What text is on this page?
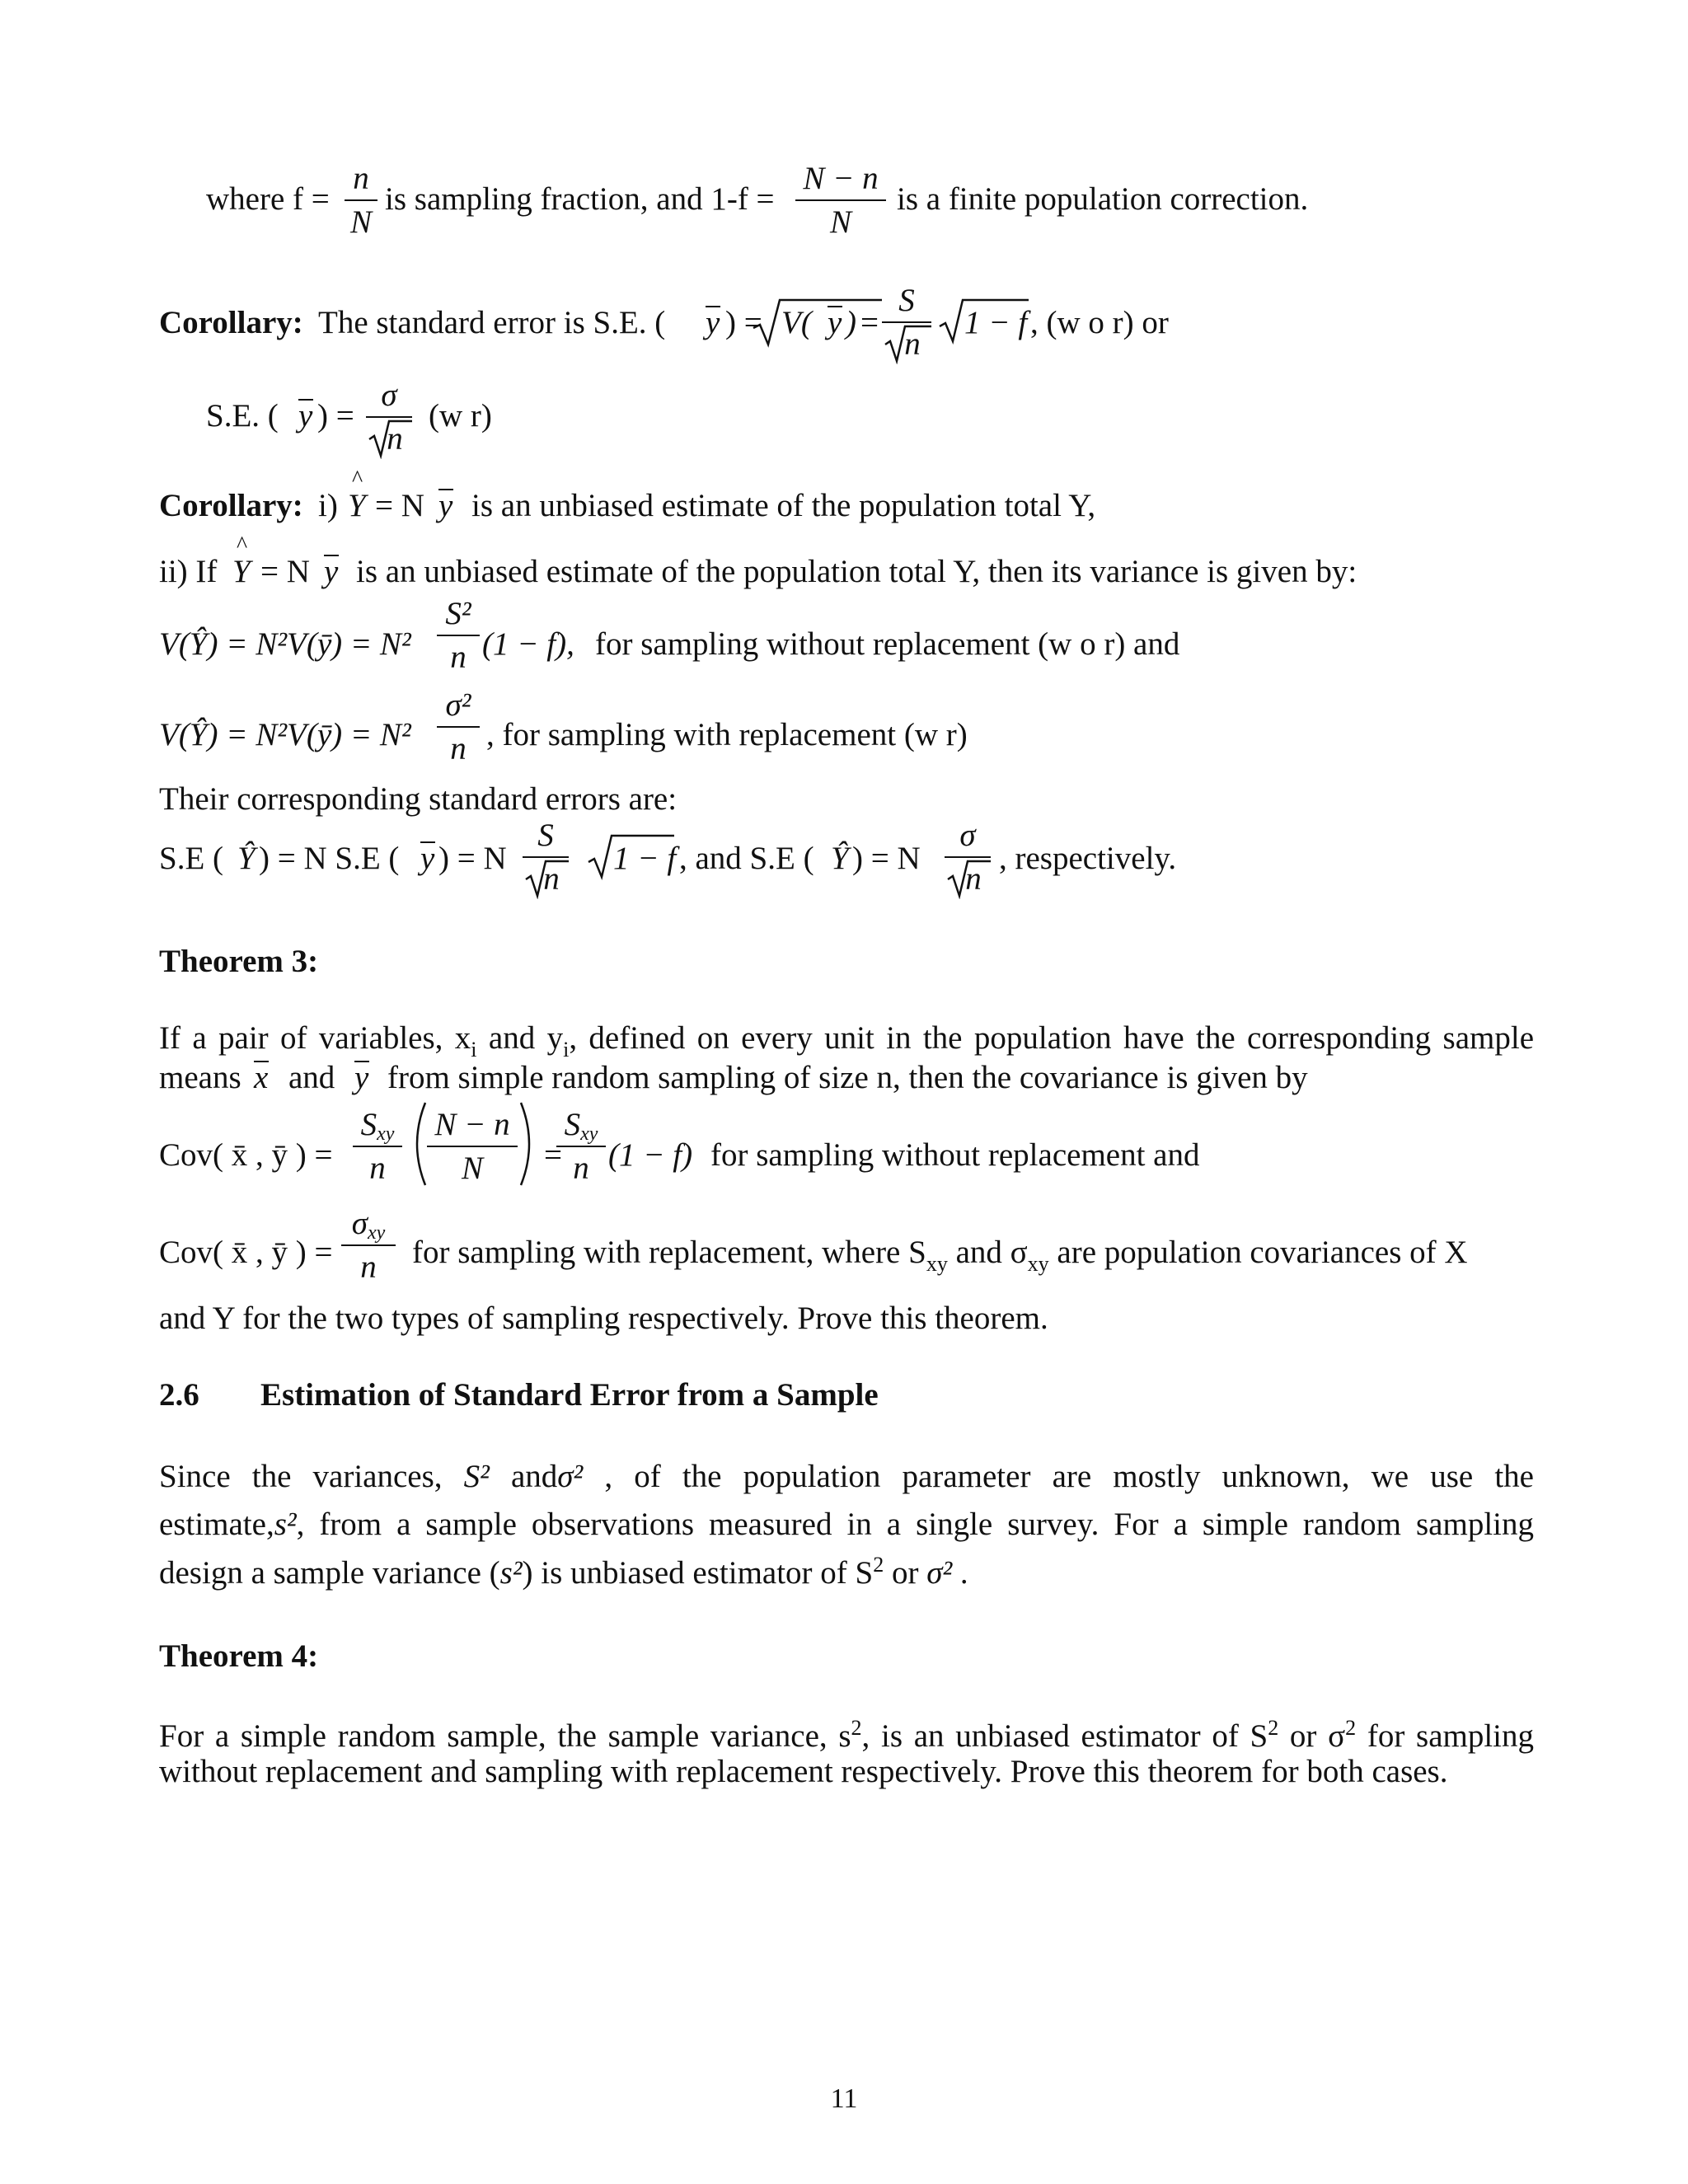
where f =
n
N
is sampling fraction, and 1-f =
N − n
N
is a finite population correction.
Corollary: The standard error is S.E. ( y ) = V( y ) =
S
n
1 − f , (w o r) or
S.E. ( y ) =
σ
n
(w r)
Corollary: i) Y
^
= N y is an unbiased estimate of the population total Y,
ii) If Y
^
= N y is an unbiased estimate of the population total Y, then its variance is given by:
V(Ŷ) = N²V(ȳ) = N²
S²
n (1 − f), for sampling without replacement (w o r) and
V(Ŷ) = N²V(ȳ) = N²
σ²
n , for sampling with replacement (w r)
Their corresponding standard errors are:
S.E ( Ŷ ) = N S.E ( y ) = N
S
n
1 − f , and S.E ( Ŷ ) = N
σ
n
, respectively.
Theorem 3:
If a pair of variables, $x_i$ and $y_i$, defined on every unit in the population have the corresponding sample
means x and y from simple random sampling of size n, then the covariance is given by
Cov( x̄ , ȳ ) =
Sxy
n
N − n
N	=
Sxy
n (1 − f) for sampling without replacement and
Cov( x̄ , ȳ ) =
σxy
n	for sampling with replacement, where $S_{xy}$ and $\sigma_{xy}$ are population covariances of X
and Y for the two types of sampling respectively. Prove this theorem.
2.6 Estimation of Standard Error from a Sample
Since the variances, S² andσ² , of the population parameter are mostly unknown, we use the
estimate,s², from a sample observations measured in a single survey. For a simple random sampling
design a sample variance (s²) is unbiased estimator of $S^2$ or σ² .
Theorem 4:
For a simple random sample, the sample variance, $s^2$, is an unbiased estimator of $S^2$ or $\sigma^2$ for sampling
without replacement and sampling with replacement respectively. Prove this theorem for both cases.
11
